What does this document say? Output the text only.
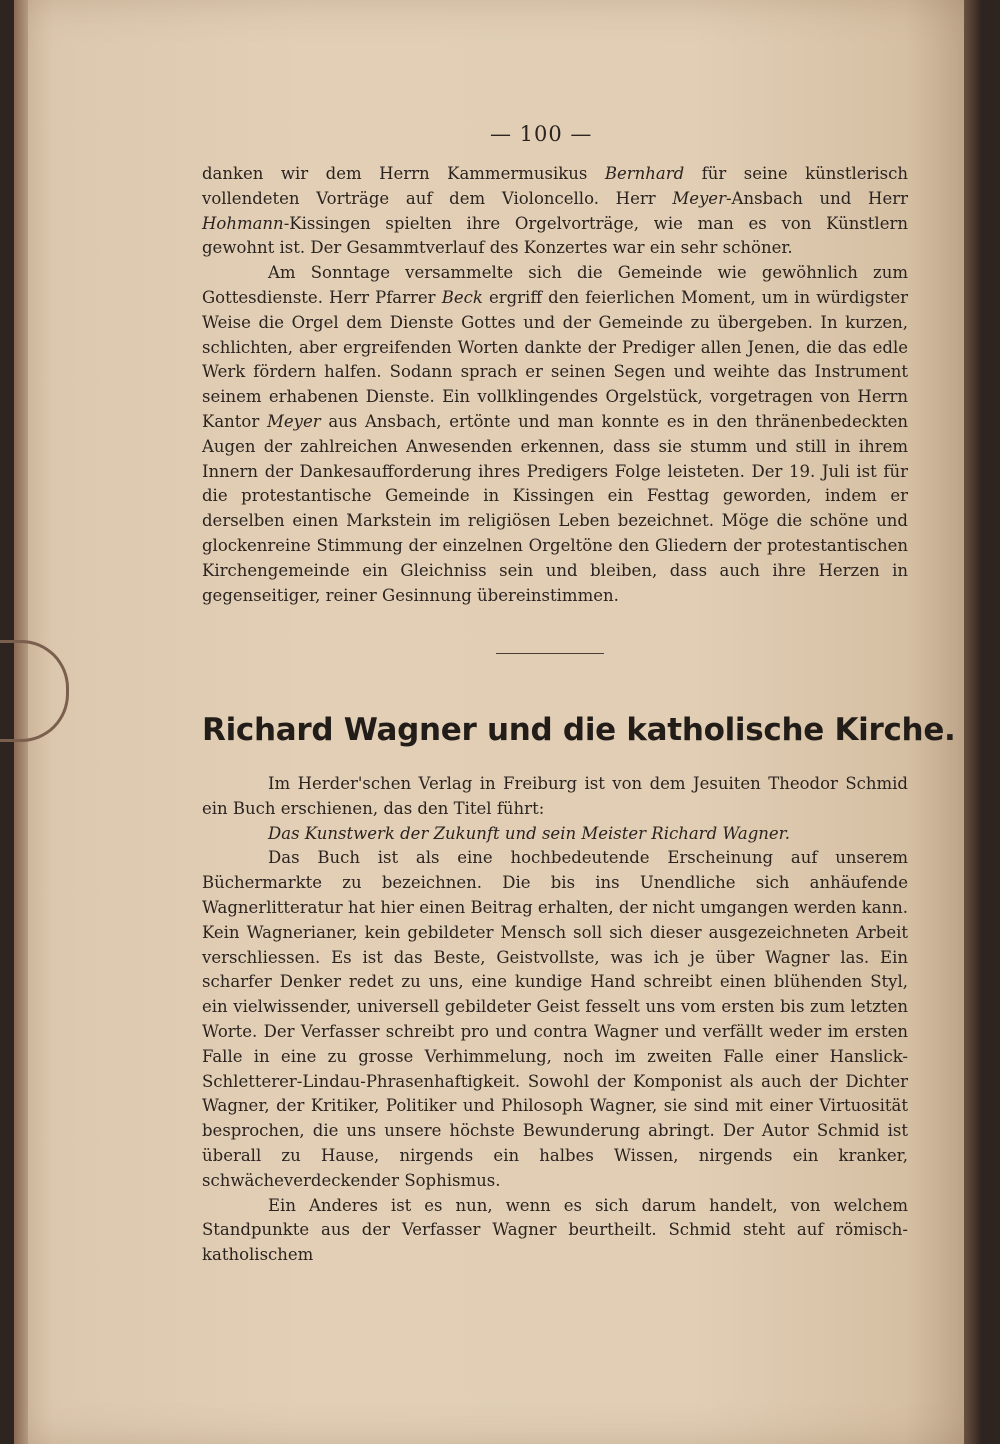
— 100 —

danken wir dem Herrn Kammermusikus Bernhard für seine künstlerisch vollendeten Vorträge auf dem Violoncello. Herr Meyer-Ansbach und Herr Hohmann-Kissingen spielten ihre Orgelvorträge, wie man es von Künstlern gewohnt ist. Der Gesammtverlauf des Konzertes war ein sehr schöner.

Am Sonntage versammelte sich die Gemeinde wie gewöhnlich zum Gottesdienste. Herr Pfarrer Beck ergriff den feierlichen Moment, um in würdigster Weise die Orgel dem Dienste Gottes und der Gemeinde zu übergeben. In kurzen, schlichten, aber ergreifenden Worten dankte der Prediger allen Jenen, die das edle Werk fördern halfen. Sodann sprach er seinen Segen und weihte das Instrument seinem erhabenen Dienste. Ein vollklingendes Orgelstück, vorgetragen von Herrn Kantor Meyer aus Ansbach, ertönte und man konnte es in den thränenbedeckten Augen der zahlreichen Anwesenden erkennen, dass sie stumm und still in ihrem Innern der Dankesaufforderung ihres Predigers Folge leisteten. Der 19. Juli ist für die protestantische Gemeinde in Kissingen ein Festtag geworden, indem er derselben einen Markstein im religiösen Leben bezeichnet. Möge die schöne und glockenreine Stimmung der einzelnen Orgeltöne den Gliedern der protestantischen Kirchengemeinde ein Gleichniss sein und bleiben, dass auch ihre Herzen in gegenseitiger, reiner Gesinnung übereinstimmen.

Richard Wagner und die katholische Kirche.

Im Herder'schen Verlag in Freiburg ist von dem Jesuiten Theodor Schmid ein Buch erschienen, das den Titel führt:

Das Kunstwerk der Zukunft und sein Meister Richard Wagner.

Das Buch ist als eine hochbedeutende Erscheinung auf unserem Büchermarkte zu bezeichnen. Die bis ins Unendliche sich anhäufende Wagnerlitteratur hat hier einen Beitrag erhalten, der nicht umgangen werden kann. Kein Wagnerianer, kein gebildeter Mensch soll sich dieser ausgezeichneten Arbeit verschliessen. Es ist das Beste, Geistvollste, was ich je über Wagner las. Ein scharfer Denker redet zu uns, eine kundige Hand schreibt einen blühenden Styl, ein vielwissender, universell gebildeter Geist fesselt uns vom ersten bis zum letzten Worte. Der Verfasser schreibt pro und contra Wagner und verfällt weder im ersten Falle in eine zu grosse Verhimmelung, noch im zweiten Falle einer Hanslick-Schletterer-Lindau-Phrasenhaftigkeit. Sowohl der Komponist als auch der Dichter Wagner, der Kritiker, Politiker und Philosoph Wagner, sie sind mit einer Virtuosität besprochen, die uns unsere höchste Bewunderung abringt. Der Autor Schmid ist überall zu Hause, nirgends ein halbes Wissen, nirgends ein kranker, schwächeverdeckender Sophismus.

Ein Anderes ist es nun, wenn es sich darum handelt, von welchem Standpunkte aus der Verfasser Wagner beurtheilt. Schmid steht auf römisch-katholischem
